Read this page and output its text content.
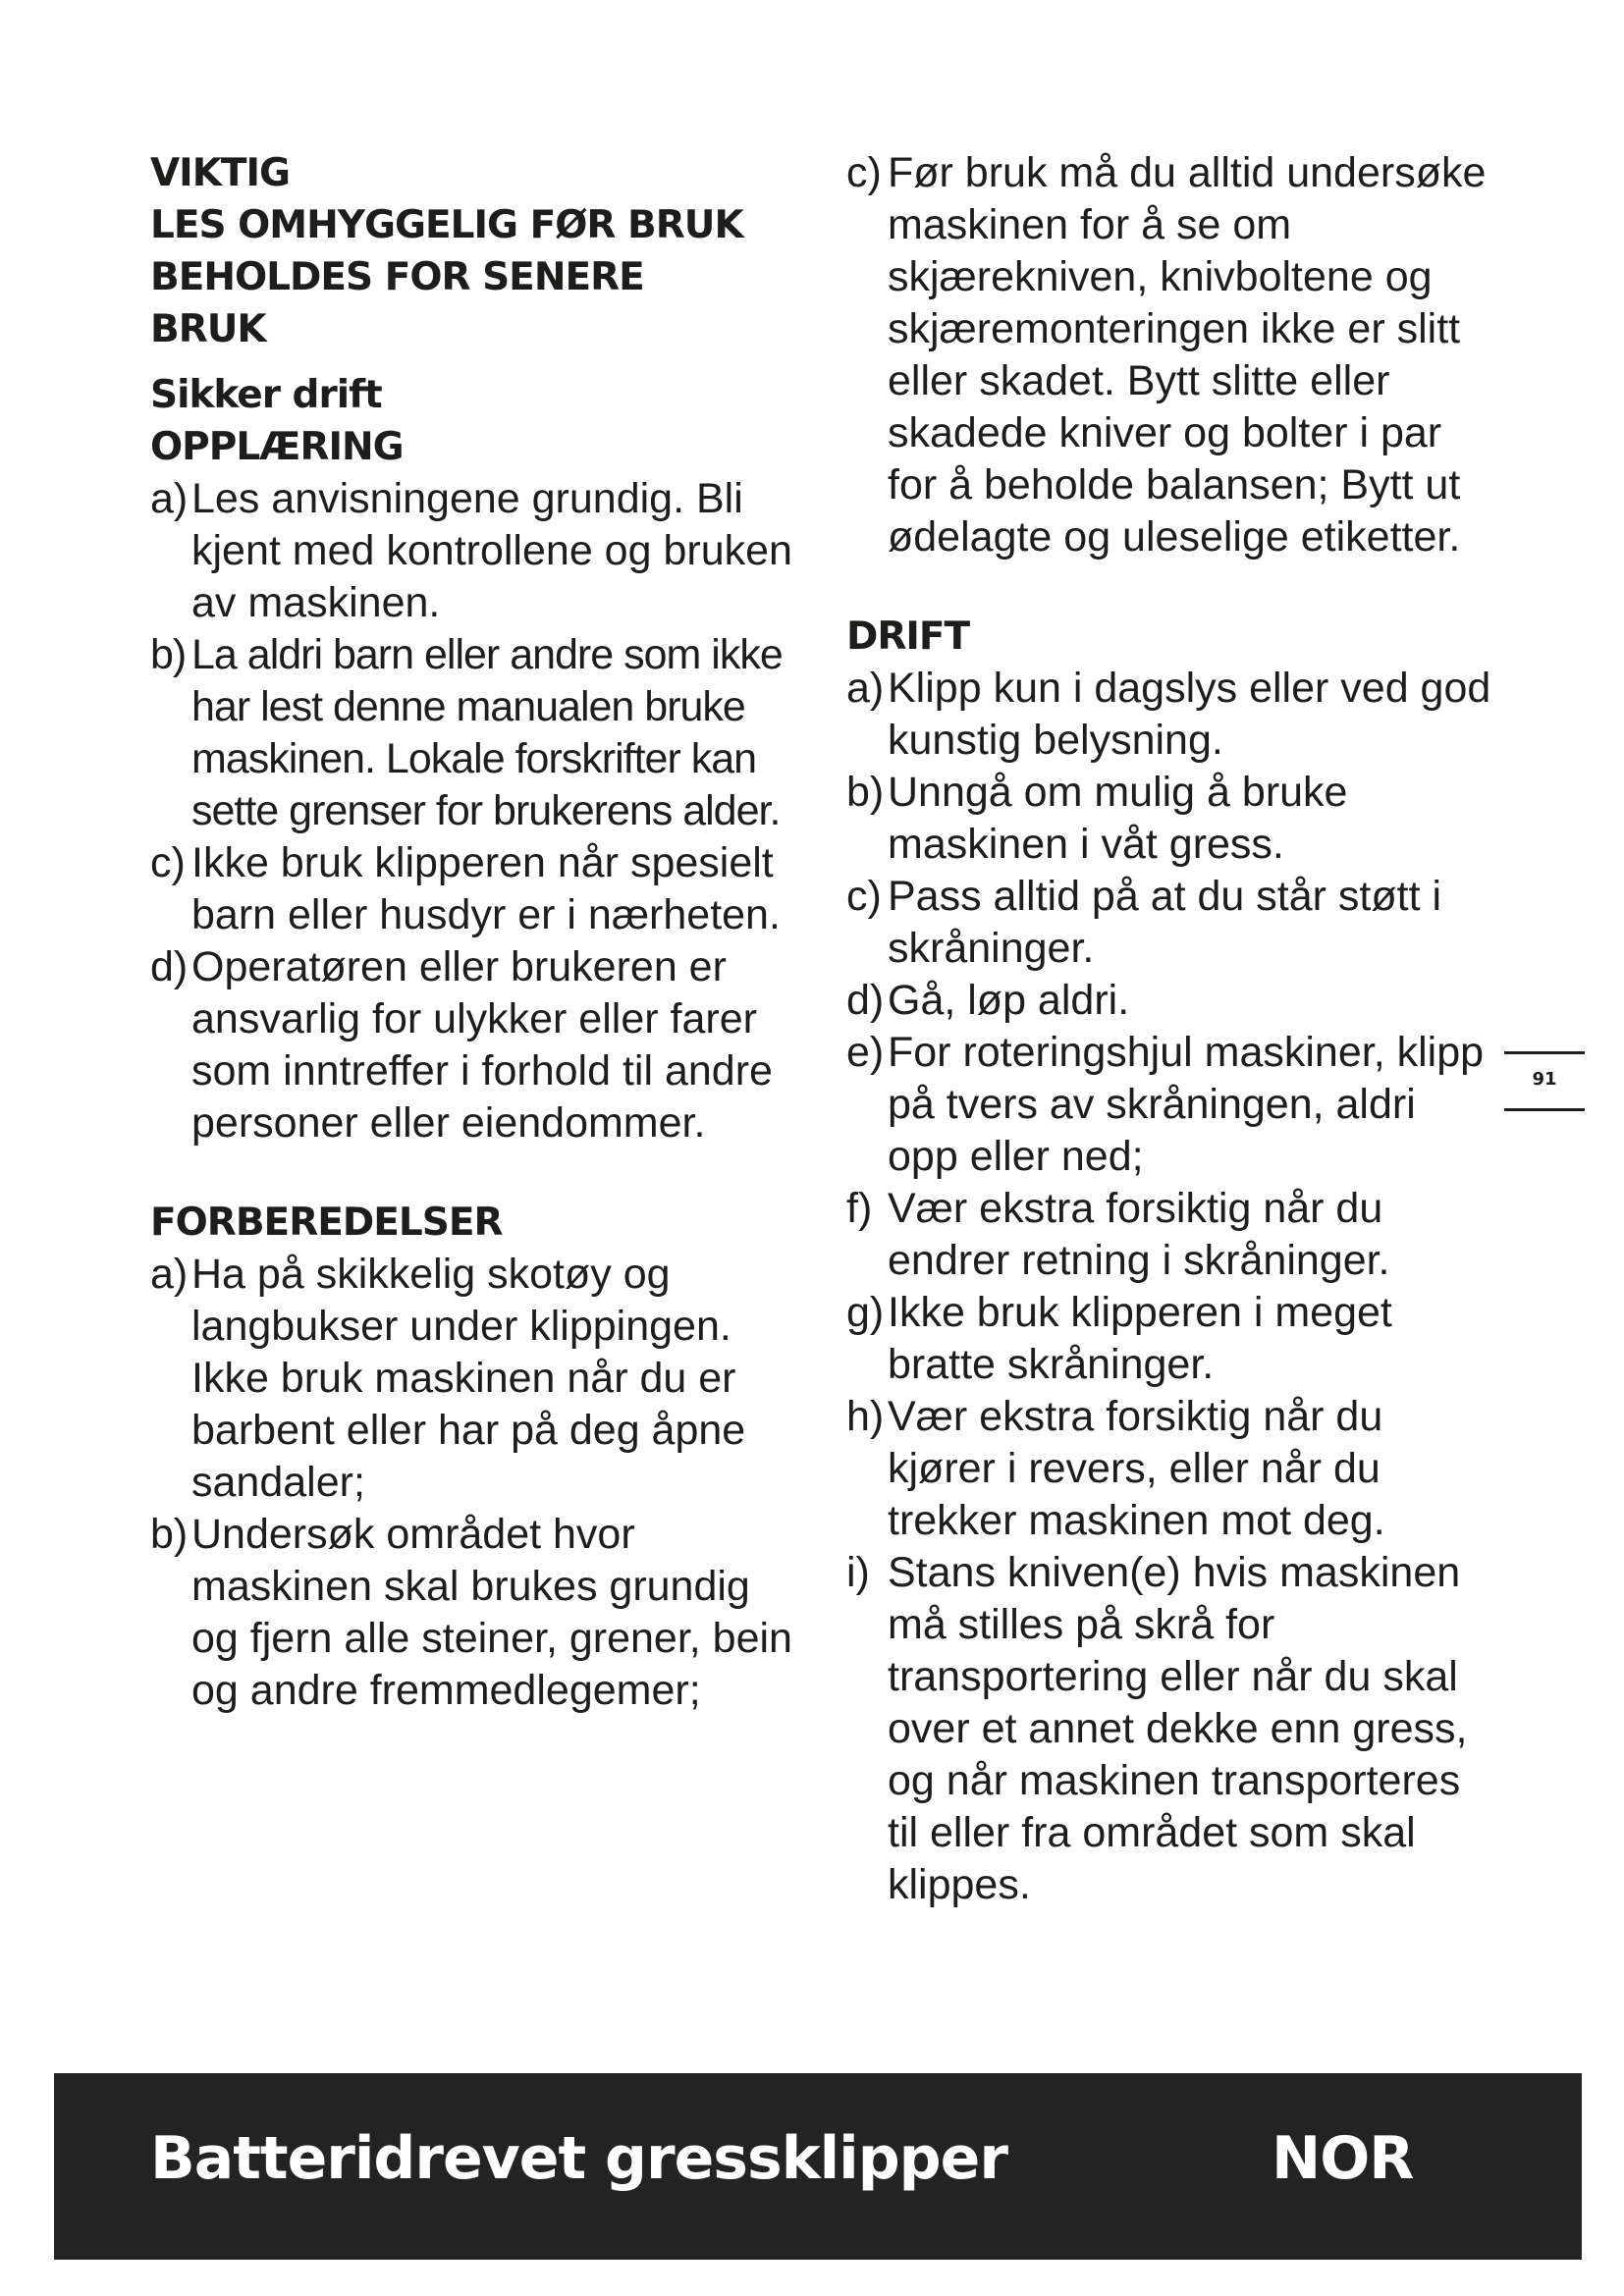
VIKTIG
LES OMHYGGELIG FØR BRUK
BEHOLDES FOR SENERE
BRUK
Sikker drift
OPPLÆRING
a) Les anvisningene grundig. Bli kjent med kontrollene og bruken av maskinen.
b) La aldri barn eller andre som ikke har lest denne manualen bruke maskinen. Lokale forskrifter kan sette grenser for brukerens alder.
c) Ikke bruk klipperen når spesielt barn eller husdyr er i nærheten.
d) Operatøren eller brukeren er ansvarlig for ulykker eller farer som inntreffer i forhold til andre personer eller eiendommer.
FORBEREDELSER
a) Ha på skikkelig skotøy og langbukser under klippingen. Ikke bruk maskinen når du er barbent eller har på deg åpne sandaler;
b) Undersøk området hvor maskinen skal brukes grundig og fjern alle steiner, grener, bein og andre fremmedlegemer;
c) Før bruk må du alltid undersøke maskinen for å se om skjærekniven, knivboltene og skjæremonteringen ikke er slitt eller skadet. Bytt slitte eller skadede kniver og bolter i par for å beholde balansen; Bytt ut ødelagte og uleselige etiketter.
DRIFT
a) Klipp kun i dagslys eller ved god kunstig belysning.
b) Unngå om mulig å bruke maskinen i våt gress.
c) Pass alltid på at du står støtt i skråninger.
d) Gå, løp aldri.
e) For roteringshjul maskiner, klipp på tvers av skråningen, aldri opp eller ned;
f) Vær ekstra forsiktig når du endrer retning i skråninger.
g) Ikke bruk klipperen i meget bratte skråninger.
h) Vær ekstra forsiktig når du kjører i revers, eller når du trekker maskinen mot deg.
i) Stans kniven(e) hvis maskinen må stilles på skrå for transportering eller når du skal over et annet dekke enn gress, og når maskinen transporteres til eller fra området som skal klippes.
91
Batteridrevet gressklipper	NOR
